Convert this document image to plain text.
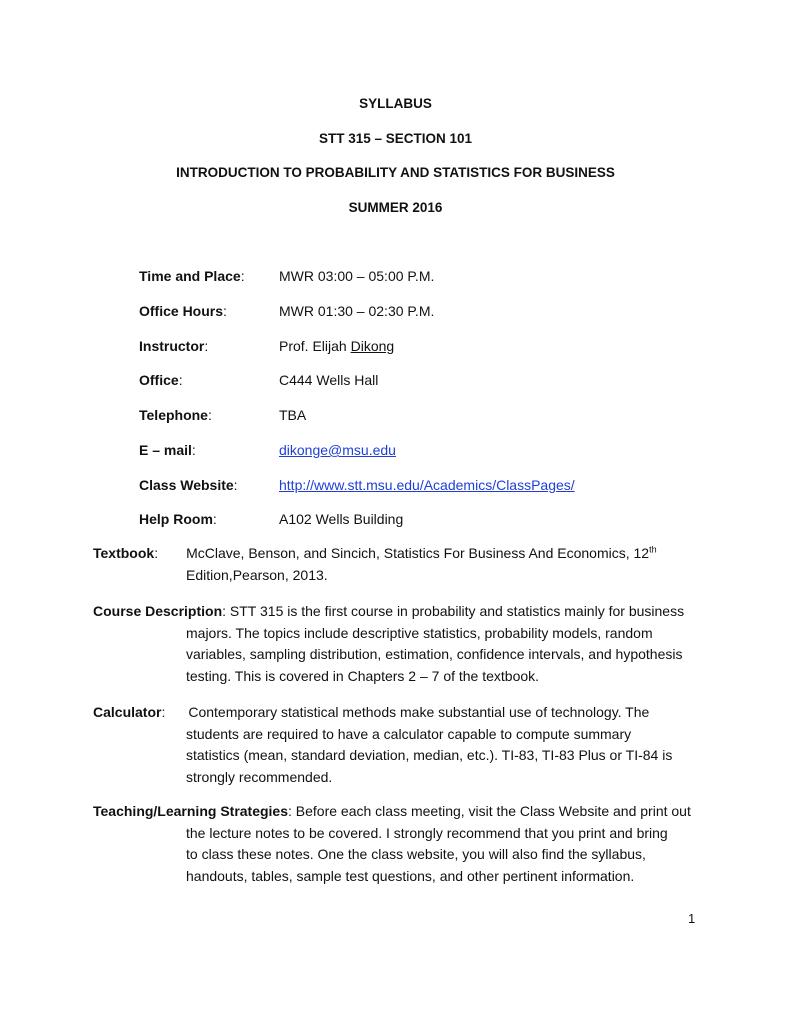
SYLLABUS
STT 315 – SECTION 101
INTRODUCTION TO PROBABILITY AND STATISTICS FOR BUSINESS
SUMMER 2016
Time and Place: MWR 03:00 – 05:00 P.M.
Office Hours:	MWR 01:30 – 02:30 P.M.
Instructor:	Prof. Elijah Dikong
Office:	C444 Wells Hall
Telephone:	TBA
E – mail:	dikonge@msu.edu
Class Website:	http://www.stt.msu.edu/Academics/ClassPages/
Help Room:	A102 Wells Building
Textbook: McClave, Benson, and Sincich, Statistics For Business And Economics, 12th
Edition,Pearson, 2013.
Course Description: STT 315 is the first course in probability and statistics mainly for business
majors. The topics include descriptive statistics, probability models, random
variables, sampling distribution, estimation, confidence intervals, and hypothesis
testing. This is covered in Chapters 2 – 7 of the textbook.
Calculator: Contemporary statistical methods make substantial use of technology. The
students are required to have a calculator capable to compute summary
statistics (mean, standard deviation, median, etc.). TI-83, TI-83 Plus or TI-84 is
strongly recommended.
Teaching/Learning Strategies: Before each class meeting, visit the Class Website and print out
the lecture notes to be covered. I strongly recommend that you print and bring
to class these notes. One the class website, you will also find the syllabus,
handouts, tables, sample test questions, and other pertinent information.
1
